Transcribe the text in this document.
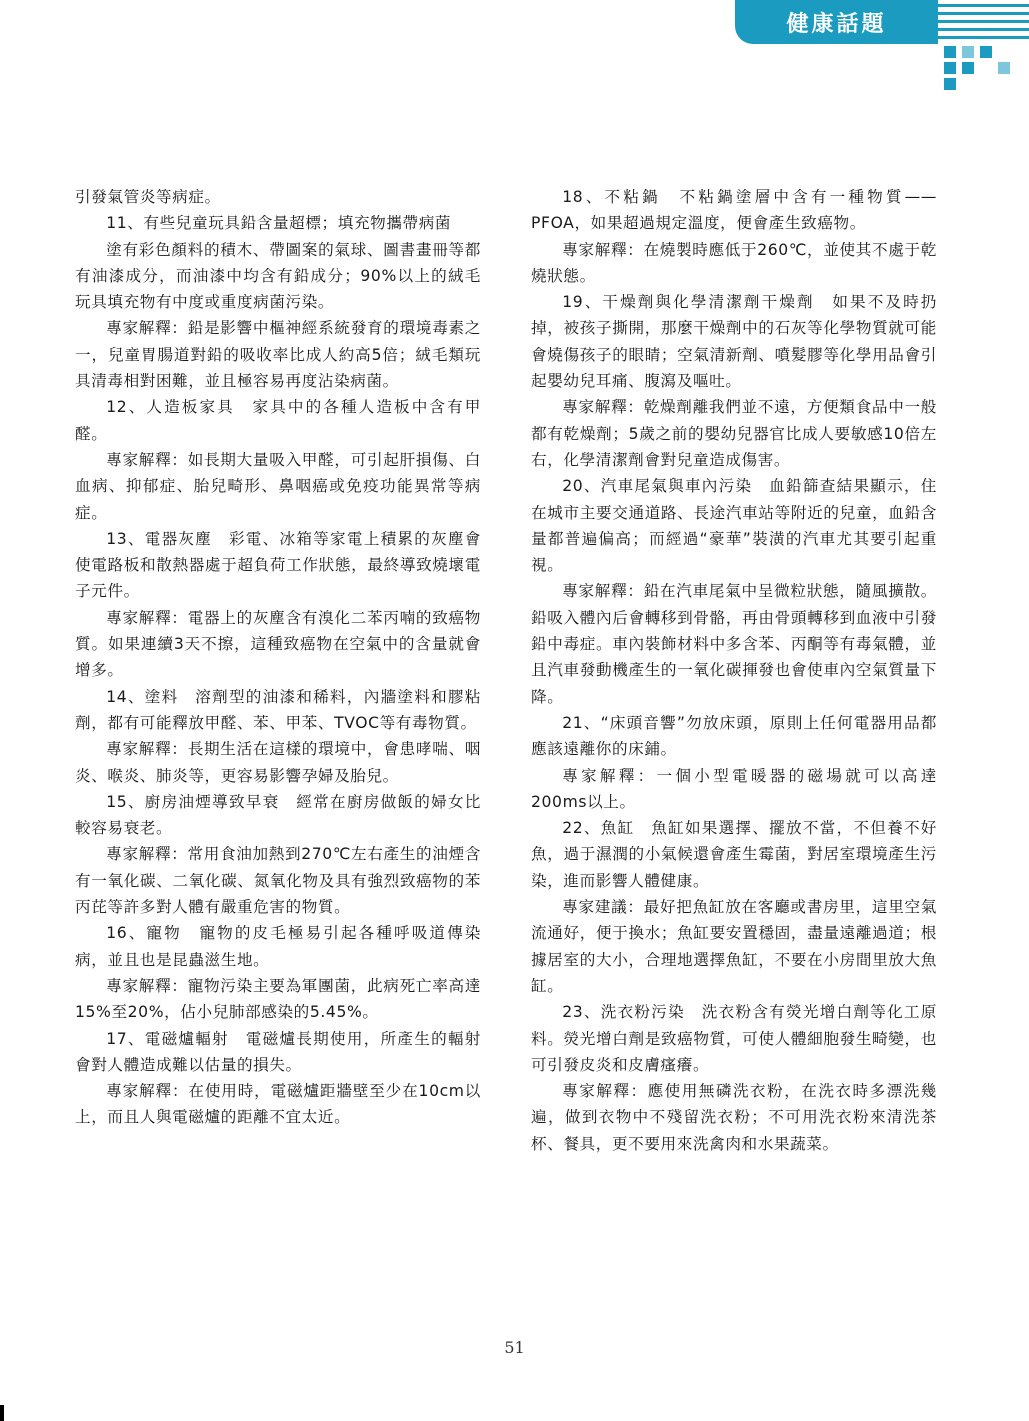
健康話題

引發氣管炎等病症。

11、有些兒童玩具鉛含量超標；填充物攜帶病菌

塗有彩色顏料的積木、帶圖案的氣球、圖書畫冊等都有油漆成分，而油漆中均含有鉛成分；90%以上的絨毛玩具填充物有中度或重度病菌污染。

專家解釋：鉛是影響中樞神經系統發育的環境毒素之一，兒童胃腸道對鉛的吸收率比成人約高5倍；絨毛類玩具清毒相對困難，並且極容易再度沾染病菌。

12、人造板家具　家具中的各種人造板中含有甲醛。

專家解釋：如長期大量吸入甲醛，可引起肝損傷、白血病、抑郁症、胎兒畸形、鼻咽癌或免疫功能異常等病症。

13、電器灰塵　彩電、冰箱等家電上積累的灰塵會使電路板和散熱器處于超負荷工作狀態，最終導致燒壞電子元件。

專家解釋：電器上的灰塵含有溴化二苯丙喃的致癌物質。如果連續3天不擦，這種致癌物在空氣中的含量就會增多。

14、塗料　溶劑型的油漆和稀料，內牆塗料和膠粘劑，都有可能釋放甲醛、苯、甲苯、TVOC等有毒物質。

專家解釋：長期生活在這樣的環境中，會患哮喘、咽炎、喉炎、肺炎等，更容易影響孕婦及胎兒。

15、廚房油煙導致早衰　經常在廚房做飯的婦女比較容易衰老。

專家解釋：常用食油加熱到270℃左右產生的油煙含有一氧化碳、二氧化碳、氮氧化物及具有強烈致癌物的苯丙芘等許多對人體有嚴重危害的物質。

16、寵物　寵物的皮毛極易引起各種呼吸道傳染病，並且也是昆蟲滋生地。

專家解釋：寵物污染主要為軍團菌，此病死亡率高達15%至20%，佔小兒肺部感染的5.45%。

17、電磁爐輻射　電磁爐長期使用，所產生的輻射會對人體造成難以估量的損失。

專家解釋：在使用時，電磁爐距牆壁至少在10cm以上，而且人與電磁爐的距離不宜太近。

18、不粘鍋　不粘鍋塗層中含有一種物質——PFOA，如果超過規定溫度，便會產生致癌物。

專家解釋：在燒製時應低于260℃，並使其不處于乾燒狀態。

19、干燥劑與化學清潔劑干燥劑　如果不及時扔掉，被孩子撕開，那麼干燥劑中的石灰等化學物質就可能會燒傷孩子的眼睛；空氣清新劑、噴髮膠等化學用品會引起嬰幼兒耳痛、腹瀉及嘔吐。

專家解釋：乾燥劑離我們並不遠，方便類食品中一般都有乾燥劑；5歲之前的嬰幼兒器官比成人要敏感10倍左右，化學清潔劑會對兒童造成傷害。

20、汽車尾氣與車內污染　血鉛篩查結果顯示，住在城市主要交通道路、長途汽車站等附近的兒童，血鉛含量都普遍偏高；而經過“豪華”裝潢的汽車尤其要引起重視。

專家解釋：鉛在汽車尾氣中呈微粒狀態，隨風擴散。鉛吸入體內后會轉移到骨骼，再由骨頭轉移到血液中引發鉛中毒症。車內裝飾材料中多含苯、丙酮等有毒氣體，並且汽車發動機產生的一氧化碳揮發也會使車內空氣質量下降。

21、“床頭音響”勿放床頭，原則上任何電器用品都應該遠離你的床鋪。

專家解釋：一個小型電暖器的磁場就可以高達200ms以上。

22、魚缸　魚缸如果選擇、擺放不當，不但養不好魚，過于濕潤的小氣候還會產生霉菌，對居室環境產生污染，進而影響人體健康。

專家建議：最好把魚缸放在客廳或書房里，這里空氣流通好，便于換水；魚缸要安置穩固，盡量遠離過道；根據居室的大小，合理地選擇魚缸，不要在小房間里放大魚缸。

23、洗衣粉污染　洗衣粉含有熒光增白劑等化工原料。熒光增白劑是致癌物質，可使人體細胞發生畸變，也可引發皮炎和皮膚瘙癢。

專家解釋：應使用無磷洗衣粉，在洗衣時多漂洗幾遍，做到衣物中不殘留洗衣粉；不可用洗衣粉來清洗茶杯、餐具，更不要用來洗禽肉和水果蔬菜。

51
